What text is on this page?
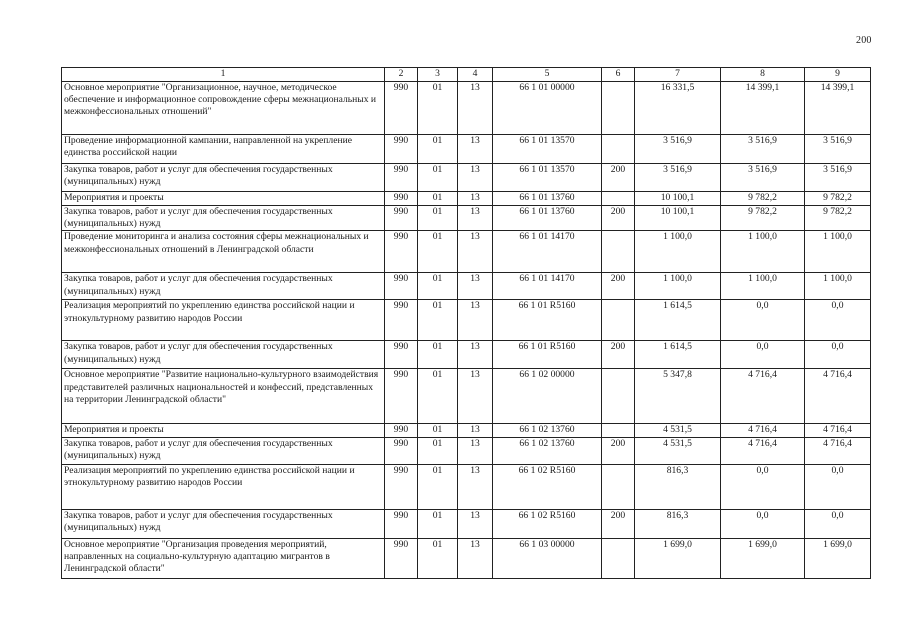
200
1	2	3	4	5	6	7	8	9
Основное мероприятие "Организационное, научное, методическое обеспечение и информационное сопровождение сферы межнациональных и межконфессиональных отношений"	990	01	13	66 1 01 00000		16 331,5	14 399,1	14 399,1
Проведение информационной кампании, направленной на укрепление единства российской нации	990	01	13	66 1 01 13570		3 516,9	3 516,9	3 516,9
Закупка товаров, работ и услуг для обеспечения государственных (муниципальных) нужд	990	01	13	66 1 01 13570	200	3 516,9	3 516,9	3 516,9
Мероприятия и проекты	990	01	13	66 1 01 13760		10 100,1	9 782,2	9 782,2
Закупка товаров, работ и услуг для обеспечения государственных (муниципальных) нужд	990	01	13	66 1 01 13760	200	10 100,1	9 782,2	9 782,2
Проведение мониторинга и анализа состояния сферы межнациональных и межконфессиональных отношений в Ленинградской области	990	01	13	66 1 01 14170		1 100,0	1 100,0	1 100,0
Закупка товаров, работ и услуг для обеспечения государственных (муниципальных) нужд	990	01	13	66 1 01 14170	200	1 100,0	1 100,0	1 100,0
Реализация мероприятий по укреплению единства российской нации и этнокультурному развитию народов России	990	01	13	66 1 01 R5160		1 614,5	0,0	0,0
Закупка товаров, работ и услуг для обеспечения государственных (муниципальных) нужд	990	01	13	66 1 01 R5160	200	1 614,5	0,0	0,0
Основное мероприятие "Развитие национально-культурного взаимодействия представителей различных национальностей и конфессий, представленных на территории Ленинградской области"	990	01	13	66 1 02 00000		5 347,8	4 716,4	4 716,4
Мероприятия и проекты	990	01	13	66 1 02 13760		4 531,5	4 716,4	4 716,4
Закупка товаров, работ и услуг для обеспечения государственных (муниципальных) нужд	990	01	13	66 1 02 13760	200	4 531,5	4 716,4	4 716,4
Реализация мероприятий по укреплению единства российской нации и этнокультурному развитию народов России	990	01	13	66 1 02 R5160		816,3	0,0	0,0
Закупка товаров, работ и услуг для обеспечения государственных (муниципальных) нужд	990	01	13	66 1 02 R5160	200	816,3	0,0	0,0
Основное мероприятие "Организация проведения мероприятий, направленных на социально-культурную адаптацию мигрантов в Ленинградской области"	990	01	13	66 1 03 00000		1 699,0	1 699,0	1 699,0
